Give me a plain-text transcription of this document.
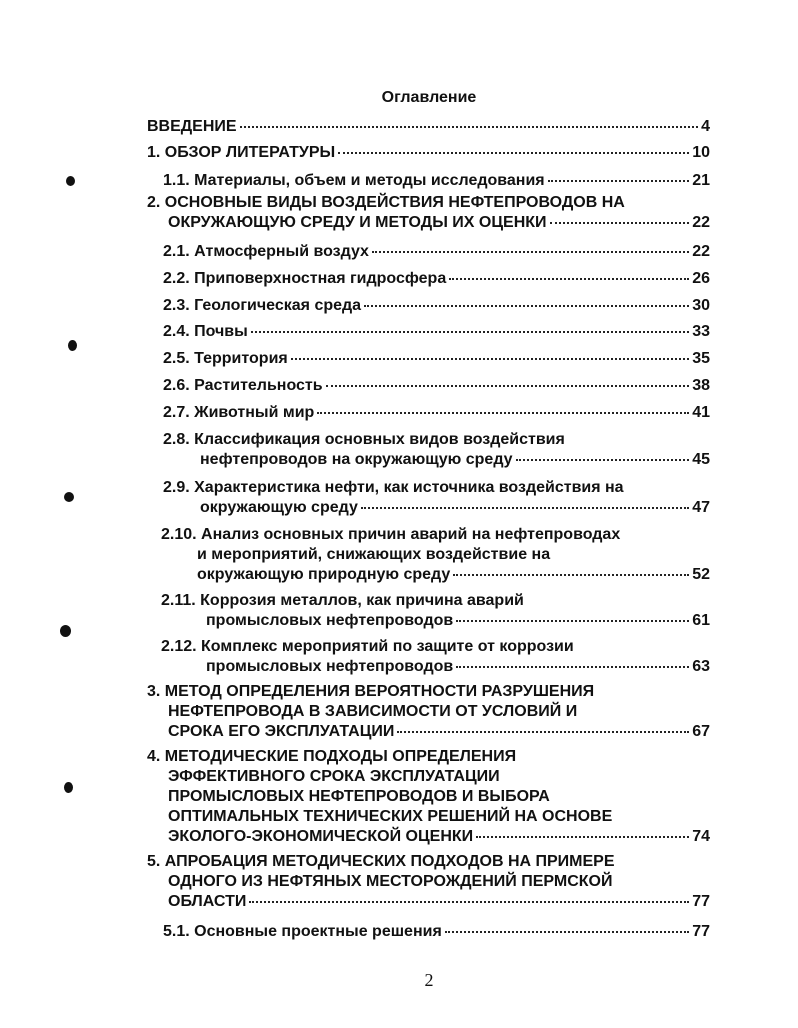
Оглавление
ВВЕДЕНИЕ	4
1. ОБЗОР ЛИТЕРАТУРЫ	10
1.1. Материалы, объем и методы исследования	21
2. ОСНОВНЫЕ ВИДЫ ВОЗДЕЙСТВИЯ НЕФТЕПРОВОДОВ НА
ОКРУЖАЮЩУЮ СРЕДУ И МЕТОДЫ ИХ ОЦЕНКИ	22
2.1. Атмосферный воздух	22
2.2. Приповерхностная гидросфера	26
2.3. Геологическая среда	30
2.4. Почвы	33
2.5. Территория	35
2.6. Растительность	38
2.7. Животный мир	41
2.8. Классификация основных видов воздействия
нефтепроводов на окружающую среду	45
2.9. Характеристика нефти, как источника воздействия на
окружающую среду	47
2.10. Анализ основных причин аварий на нефтепроводах
и мероприятий, снижающих воздействие на
окружающую природную среду	52
2.11. Коррозия металлов, как причина аварий
промысловых нефтепроводов	61
2.12. Комплекс мероприятий по защите от коррозии
промысловых нефтепроводов	63
3. МЕТОД ОПРЕДЕЛЕНИЯ ВЕРОЯТНОСТИ РАЗРУШЕНИЯ
НЕФТЕПРОВОДА В ЗАВИСИМОСТИ ОТ УСЛОВИЙ И
СРОКА ЕГО ЭКСПЛУАТАЦИИ	67
4. МЕТОДИЧЕСКИЕ ПОДХОДЫ ОПРЕДЕЛЕНИЯ
ЭФФЕКТИВНОГО СРОКА ЭКСПЛУАТАЦИИ
ПРОМЫСЛОВЫХ НЕФТЕПРОВОДОВ И ВЫБОРА
ОПТИМАЛЬНЫХ ТЕХНИЧЕСКИХ РЕШЕНИЙ НА ОСНОВЕ
ЭКОЛОГО-ЭКОНОМИЧЕСКОЙ ОЦЕНКИ	74
5. АПРОБАЦИЯ МЕТОДИЧЕСКИХ ПОДХОДОВ НА ПРИМЕРЕ
ОДНОГО ИЗ НЕФТЯНЫХ МЕСТОРОЖДЕНИЙ ПЕРМСКОЙ
ОБЛАСТИ	77
5.1. Основные проектные решения	77
2
